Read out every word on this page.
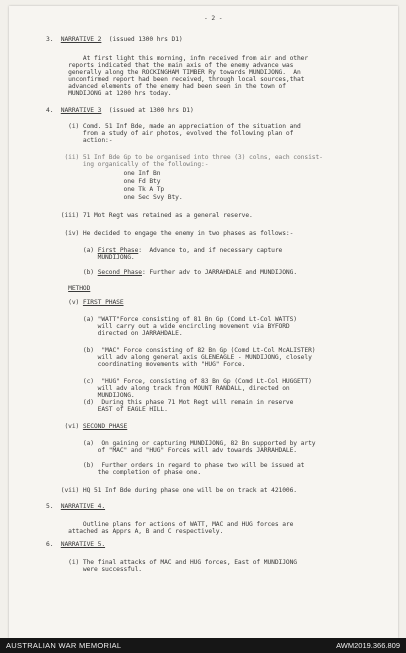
- 2 -
3.  NARRATIVE 2  (issued 1300 hrs D1)
At first light this morning, infm received from air and other
reports indicated that the main axis of the enemy advance was
generally along the ROCKINGHAM TIMBER Ry towards MUNDIJONG.  An
unconfirmed report had been received, through local sources,that
advanced elements of the enemy had been seen in the town of
MUNDIJONG at 1200 hrs today.
4.  NARRATIVE 3  (issued at 1300 hrs D1)
(i) Comd. 51 Inf Bde, made an appreciation of the situation and
from a study of air photos, evolved the following plan of
action:-
(ii) 51 Inf Bde Gp to be organised into three (3) colns, each consist-
ing organically of the following:-
one Inf Bn
one Fd Bty
one Tk A Tp
one Sec Svy Bty.
(iii) 71 Mot Regt was retained as a general reserve.
(iv) He decided to engage the enemy in two phases as follows:-
(a) First Phase:  Advance to, and if necessary capture
MUNDIJONG.
(b) Second Phase: Further adv to JARRAHDALE and MUNDIJONG.
METHOD
(v) FIRST PHASE
(a) "WATT"Force consisting of 81 Bn Gp (Comd Lt-Col WATTS)
will carry out a wide encircling movement via BYFORD
directed on JARRAHDALE.
(b)  "MAC" Force consisting of 82 Bn Gp (Comd Lt-Col McALISTER)
will adv along general axis GLENEAGLE - MUNDIJONG, closely
coordinating movements with "HUG" Force.
(c)  "HUG" Force, consisting of 83 Bn Gp (Comd Lt-Col HUGGETT)
will adv along track from MOUNT RANDALL, directed on
MUNDIJONG.
(d)  During this phase 71 Mot Regt will remain in reserve
EAST of EAGLE HILL.
(vi) SECOND PHASE
(a)  On gaining or capturing MUNDIJONG, 82 Bn supported by arty
of "MAC" and "HUG" Forces will adv towards JARRAHDALE.
(b)  Further orders in regard to phase two will be issued at
the completion of phase one.
(vii) HQ 51 Inf Bde during phase one will be on track at 421006.
5.  NARRATIVE 4.
Outline plans for actions of WATT, MAC and HUG forces are
attached as Apprs A, B and C respectively.
6.  NARRATIVE 5.
(i) The final attacks of MAC and HUG forces, East of MUNDIJONG
were successful.
AUSTRALIAN WAR MEMORIAL	AWM2019.366.809
